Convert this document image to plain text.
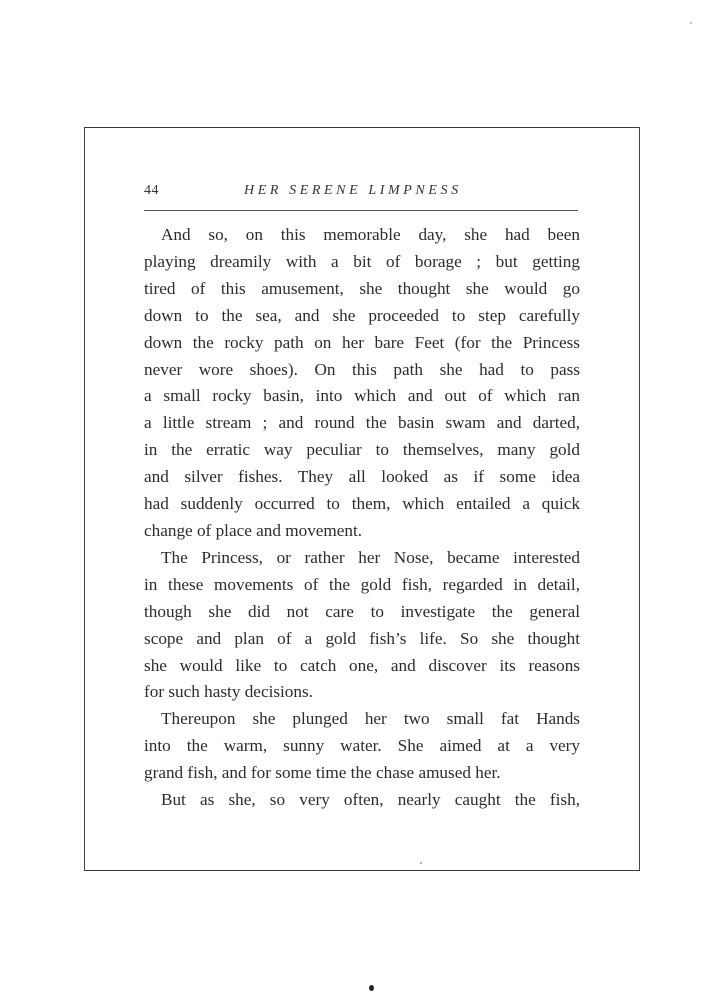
44	HER SERENE LIMPNESS
And so, on this memorable day, she had been
playing dreamily with a bit of borage ; but getting
tired of this amusement, she thought she would go
down to the sea, and she proceeded to step carefully
down the rocky path on her bare Feet (for the Princess
never wore shoes). On this path she had to pass
a small rocky basin, into which and out of which ran
a little stream ; and round the basin swam and darted,
in the erratic way peculiar to themselves, many gold
and silver fishes. They all looked as if some idea
had suddenly occurred to them, which entailed a quick
change of place and movement.
The Princess, or rather her Nose, became interested
in these movements of the gold fish, regarded in detail,
though she did not care to investigate the general
scope and plan of a gold fish’s life. So she thought
she would like to catch one, and discover its reasons
for such hasty decisions.
Thereupon she plunged her two small fat Hands
into the warm, sunny water. She aimed at a very
grand fish, and for some time the chase amused her.
But as she, so very often, nearly caught the fish,
